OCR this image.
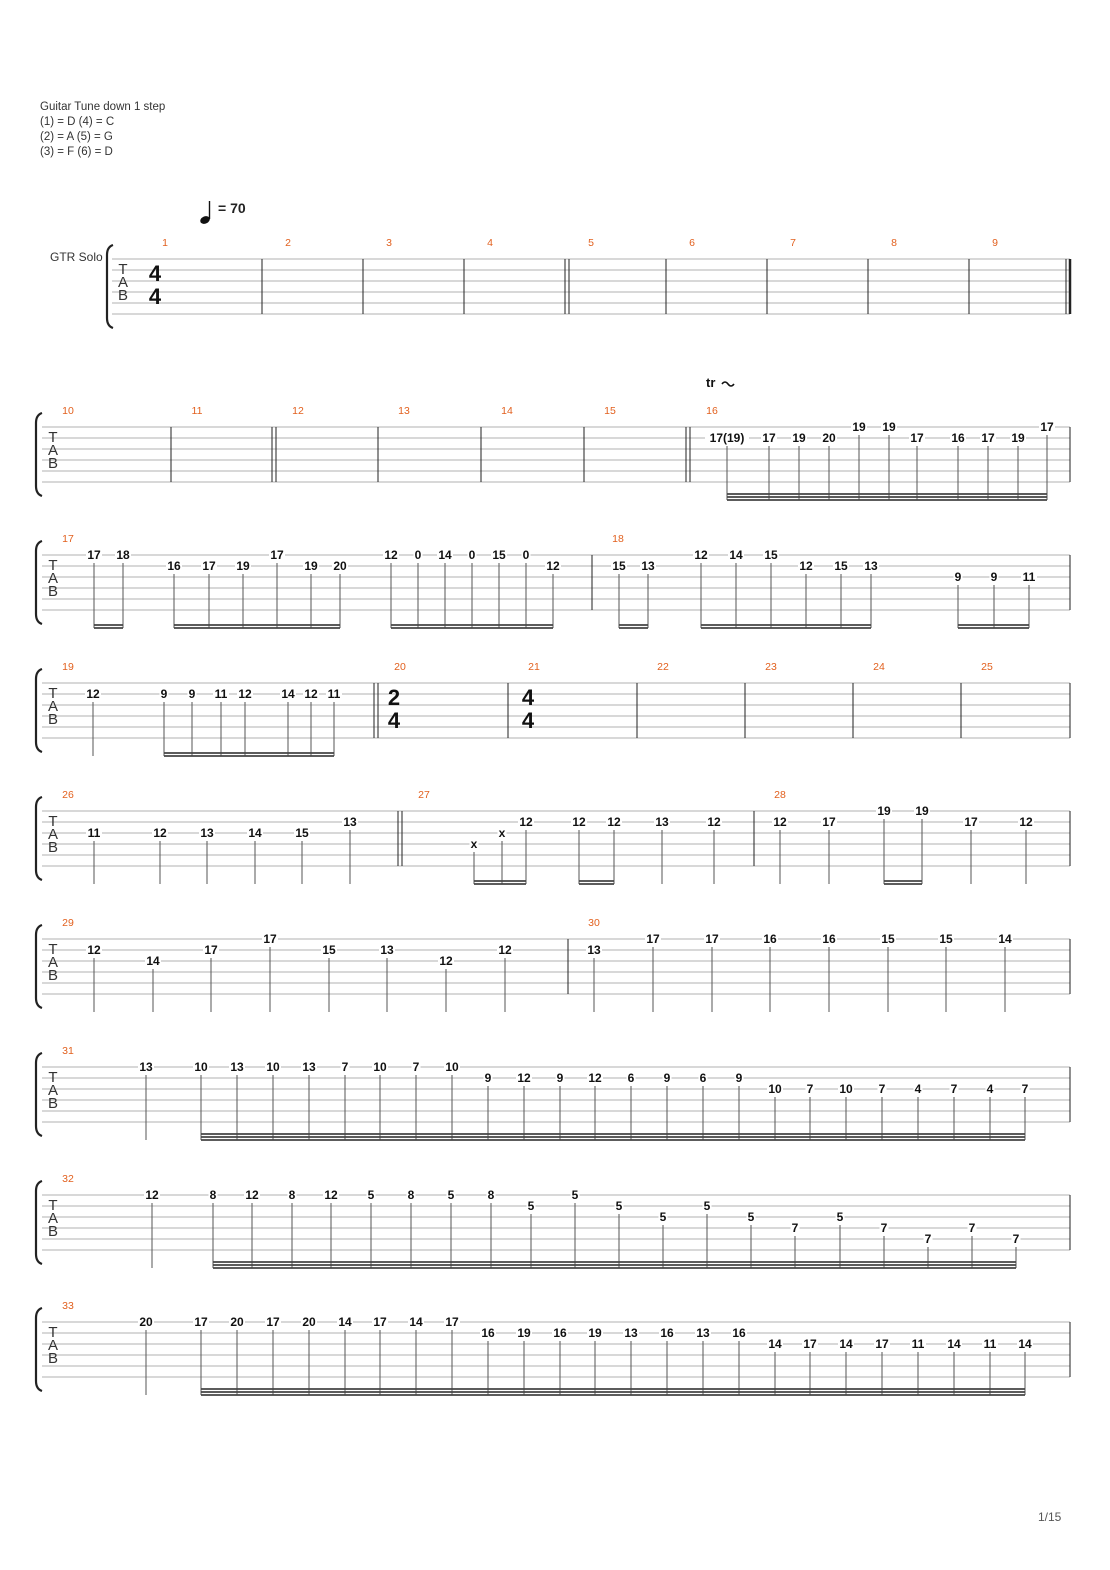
Guitar Tune down 1 step
(1) = D (4) = C
(2) = A (5) = G
(3) = F (6) = D
= 70
GTR Solo
T
A
B
1
4
4
2	3	4	5	6	7	8	9
T
A
B
tr
10	11	12	13	14	15	16
17(19) 17 19 20
19 19
17 16 17 19
17
T
A
B
17
17 18
16 17 19
17
19 20
12 0 14 0 15 0
12
18
15 13
12 14 15
12 15 13
9 9 11
T
A
B
19
12	9 9 11 12 14 12 11
20
2
4
21
4
4
22	23	24	25
T
A
B
26
11	12	13	14	15
13
27
x
x
12	12 12	13	12
28
12	17
19 19
17	12
T
A
B
29
12
14
17
17
15	13
12
12
30
13
17	17	16	16	15	15	14
T
A
B
31
13	10 13 10 13 7 10 7 10
9 12 9 12 6 9 6 9
10 7 10 7 4 7 4 7
T
A
B
32
12	8 12 8 12 5	8	5	8
5
5
5
5
5
5
7
5
7
7
7
7
T
A
B
33
20	17 20 17 20 14 17 14 17
16 19 16 19 13 16 13 16
14 17 14 17 11 14 11 14
1/15
